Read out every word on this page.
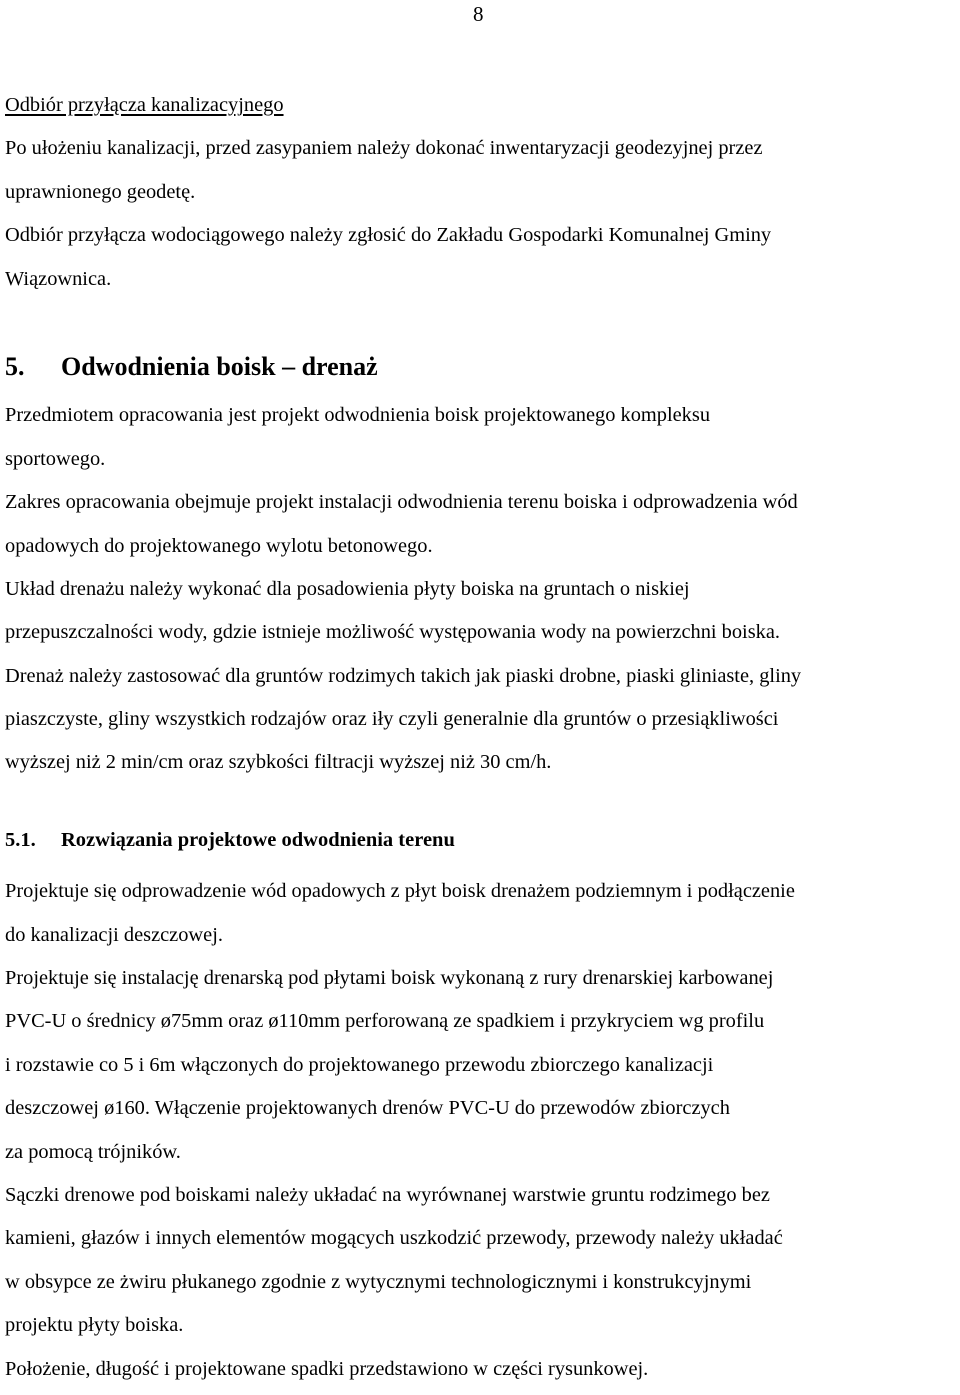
8
Odbiór przyłącza kanalizacyjnego
Po ułożeniu kanalizacji, przed zasypaniem należy dokonać inwentaryzacji geodezyjnej przez
uprawnionego geodetę.
Odbiór przyłącza wodociągowego należy zgłosić do Zakładu Gospodarki Komunalnej Gminy
Wiązownica.
5. Odwodnienia boisk – drenaż
Przedmiotem opracowania jest projekt odwodnienia boisk projektowanego kompleksu
sportowego.
Zakres opracowania obejmuje projekt instalacji odwodnienia terenu boiska i odprowadzenia wód
opadowych do projektowanego wylotu betonowego.
Układ drenażu należy wykonać dla posadowienia płyty boiska na gruntach o niskiej
przepuszczalności wody, gdzie istnieje możliwość występowania wody na powierzchni boiska.
Drenaż należy zastosować dla gruntów rodzimych takich jak piaski drobne, piaski gliniaste, gliny
piaszczyste, gliny wszystkich rodzajów oraz iły czyli generalnie dla gruntów o przesiąkliwości
wyższej niż 2 min/cm oraz szybkości filtracji wyższej niż 30 cm/h.
5.1. Rozwiązania projektowe odwodnienia terenu
Projektuje się odprowadzenie wód opadowych z płyt boisk drenażem podziemnym i podłączenie
do kanalizacji deszczowej.
Projektuje się instalację drenarską pod płytami boisk wykonaną z rury drenarskiej karbowanej
PVC-U o średnicy ø75mm oraz ø110mm perforowaną ze spadkiem i przykryciem wg profilu
i rozstawie co 5 i 6m włączonych do projektowanego przewodu zbiorczego kanalizacji
deszczowej ø160. Włączenie projektowanych drenów PVC-U do przewodów zbiorczych
za pomocą trójników.
Sączki drenowe pod boiskami należy układać na wyrównanej warstwie gruntu rodzimego bez
kamieni, głazów i innych elementów mogących uszkodzić przewody, przewody należy układać
w obsypce ze żwiru płukanego zgodnie z wytycznymi technologicznymi i konstrukcyjnymi
projektu płyty boiska.
Położenie, długość i projektowane spadki przedstawiono w części rysunkowej.
